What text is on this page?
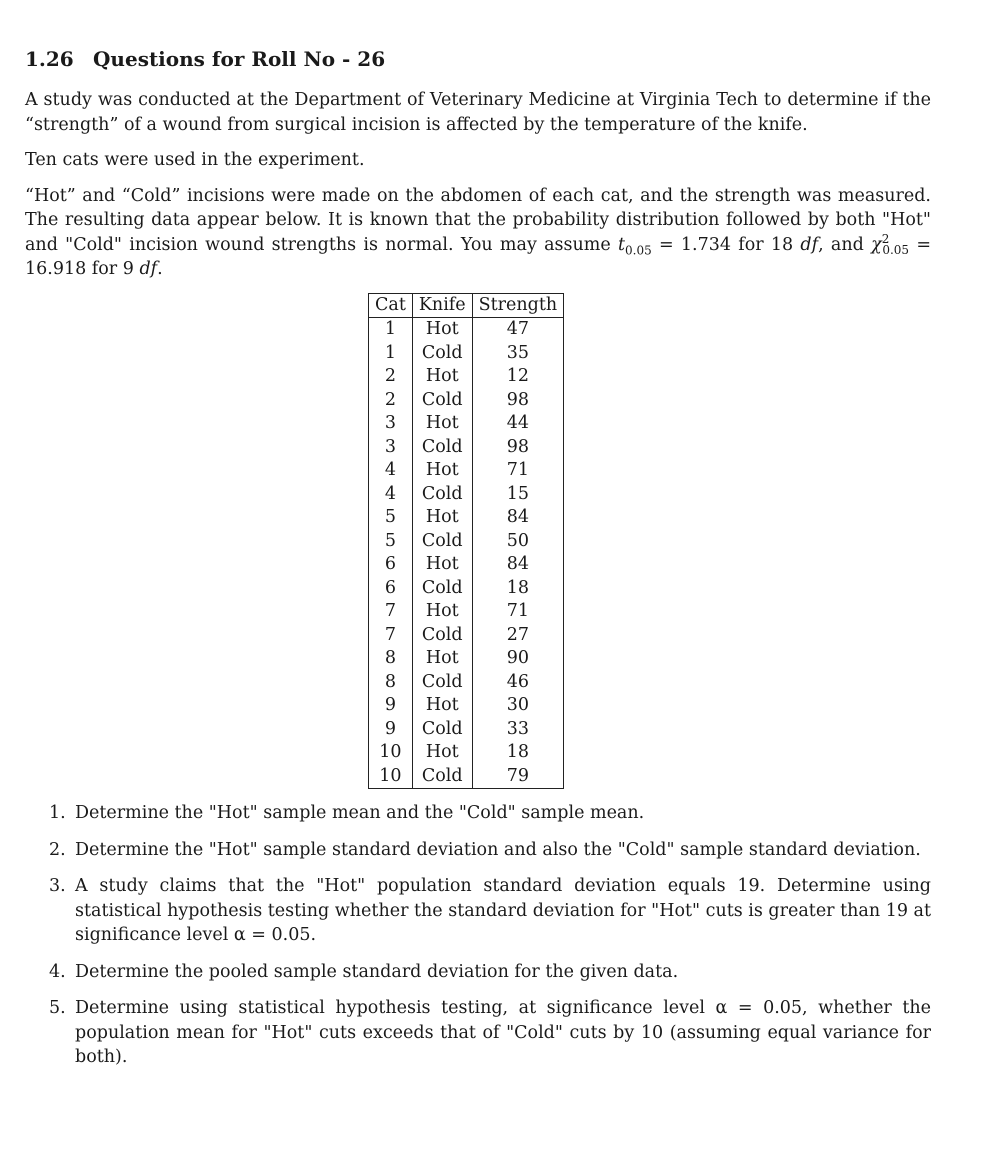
1.26 Questions for Roll No - 26

A study was conducted at the Department of Veterinary Medicine at Virginia Tech to determine if the “strength” of a wound from surgical incision is affected by the temperature of the knife.

Ten cats were used in the experiment.

“Hot” and “Cold” incisions were made on the abdomen of each cat, and the strength was measured. The resulting data appear below. It is known that the probability distribution followed by both "Hot" and "Cold" incision wound strengths is normal. You may assume $t_{0.05} = 1.734$ for 18 df, and $\chi^2_{0.05} = 16.918$ for 9 df.

Cat	Knife	Strength
1	Hot	47
1	Cold	35
2	Hot	12
2	Cold	98
3	Hot	44
3	Cold	98
4	Hot	71
4	Cold	15
5	Hot	84
5	Cold	50
6	Hot	84
6	Cold	18
7	Hot	71
7	Cold	27
8	Hot	90
8	Cold	46
9	Hot	30
9	Cold	33
10	Hot	18
10	Cold	79
1. Determine the "Hot" sample mean and the "Cold" sample mean.
2. Determine the "Hot" sample standard deviation and also the "Cold" sample standard deviation.
3. A study claims that the "Hot" population standard deviation equals 19. Determine using statistical hypothesis testing whether the standard deviation for "Hot" cuts is greater than 19 at significance level α = 0.05.
4. Determine the pooled sample standard deviation for the given data.
5. Determine using statistical hypothesis testing, at significance level α = 0.05, whether the population mean for "Hot" cuts exceeds that of "Cold" cuts by 10 (assuming equal variance for both).
